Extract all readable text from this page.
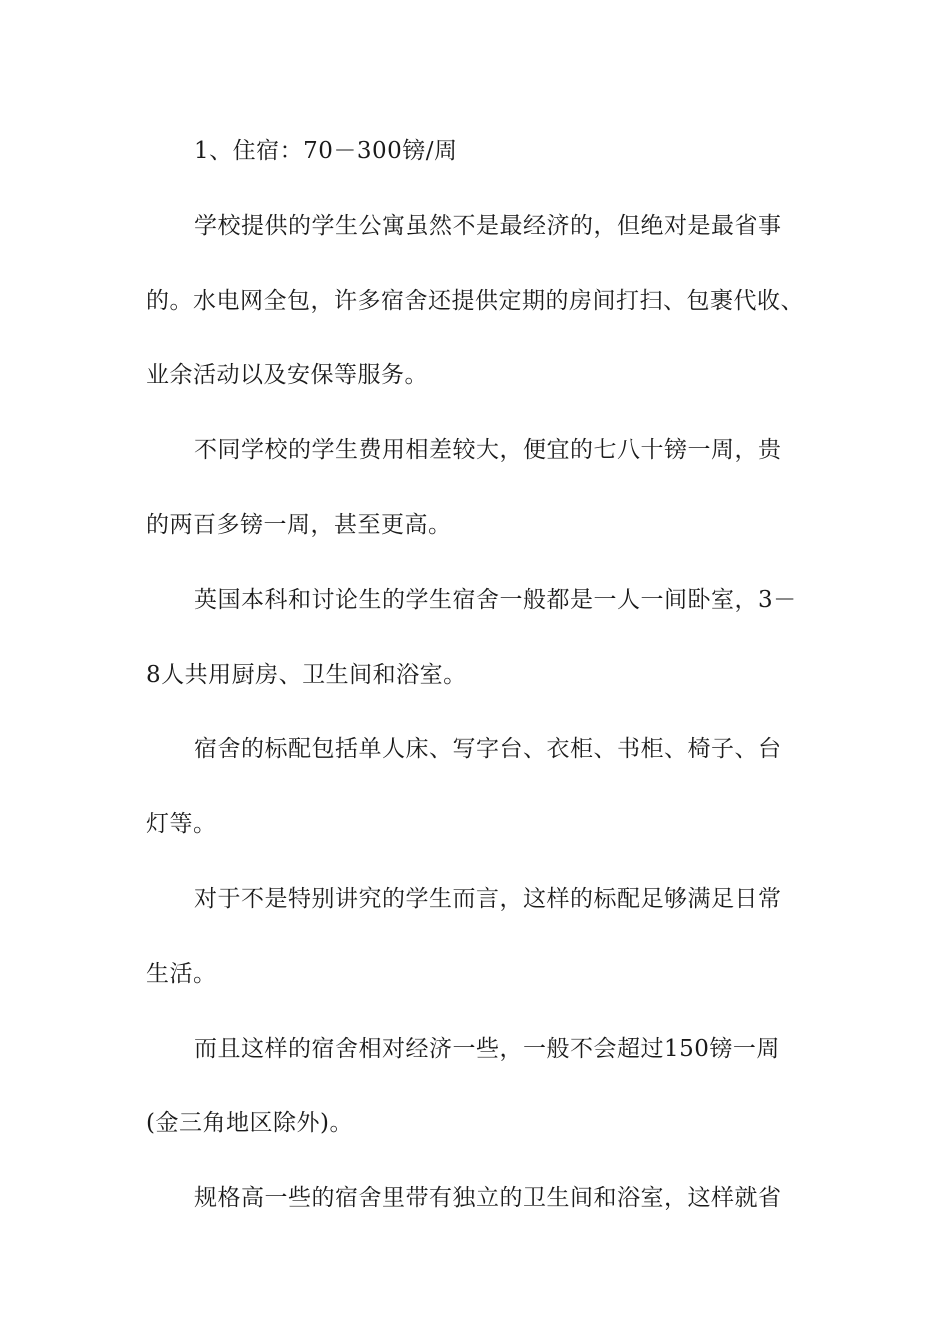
1、住宿：70－300镑/周
学校提供的学生公寓虽然不是最经济的，但绝对是最省事
的。水电网全包，许多宿舍还提供定期的房间打扫、包裹代收、
业余活动以及安保等服务。
不同学校的学生费用相差较大，便宜的七八十镑一周，贵
的两百多镑一周，甚至更高。
英国本科和讨论生的学生宿舍一般都是一人一间卧室，3－
8人共用厨房、卫生间和浴室。
宿舍的标配包括单人床、写字台、衣柜、书柜、椅子、台
灯等。
对于不是特别讲究的学生而言，这样的标配足够满足日常
生活。
而且这样的宿舍相对经济一些，一般不会超过150镑一周
(金三角地区除外)。
规格高一些的宿舍里带有独立的卫生间和浴室，这样就省
